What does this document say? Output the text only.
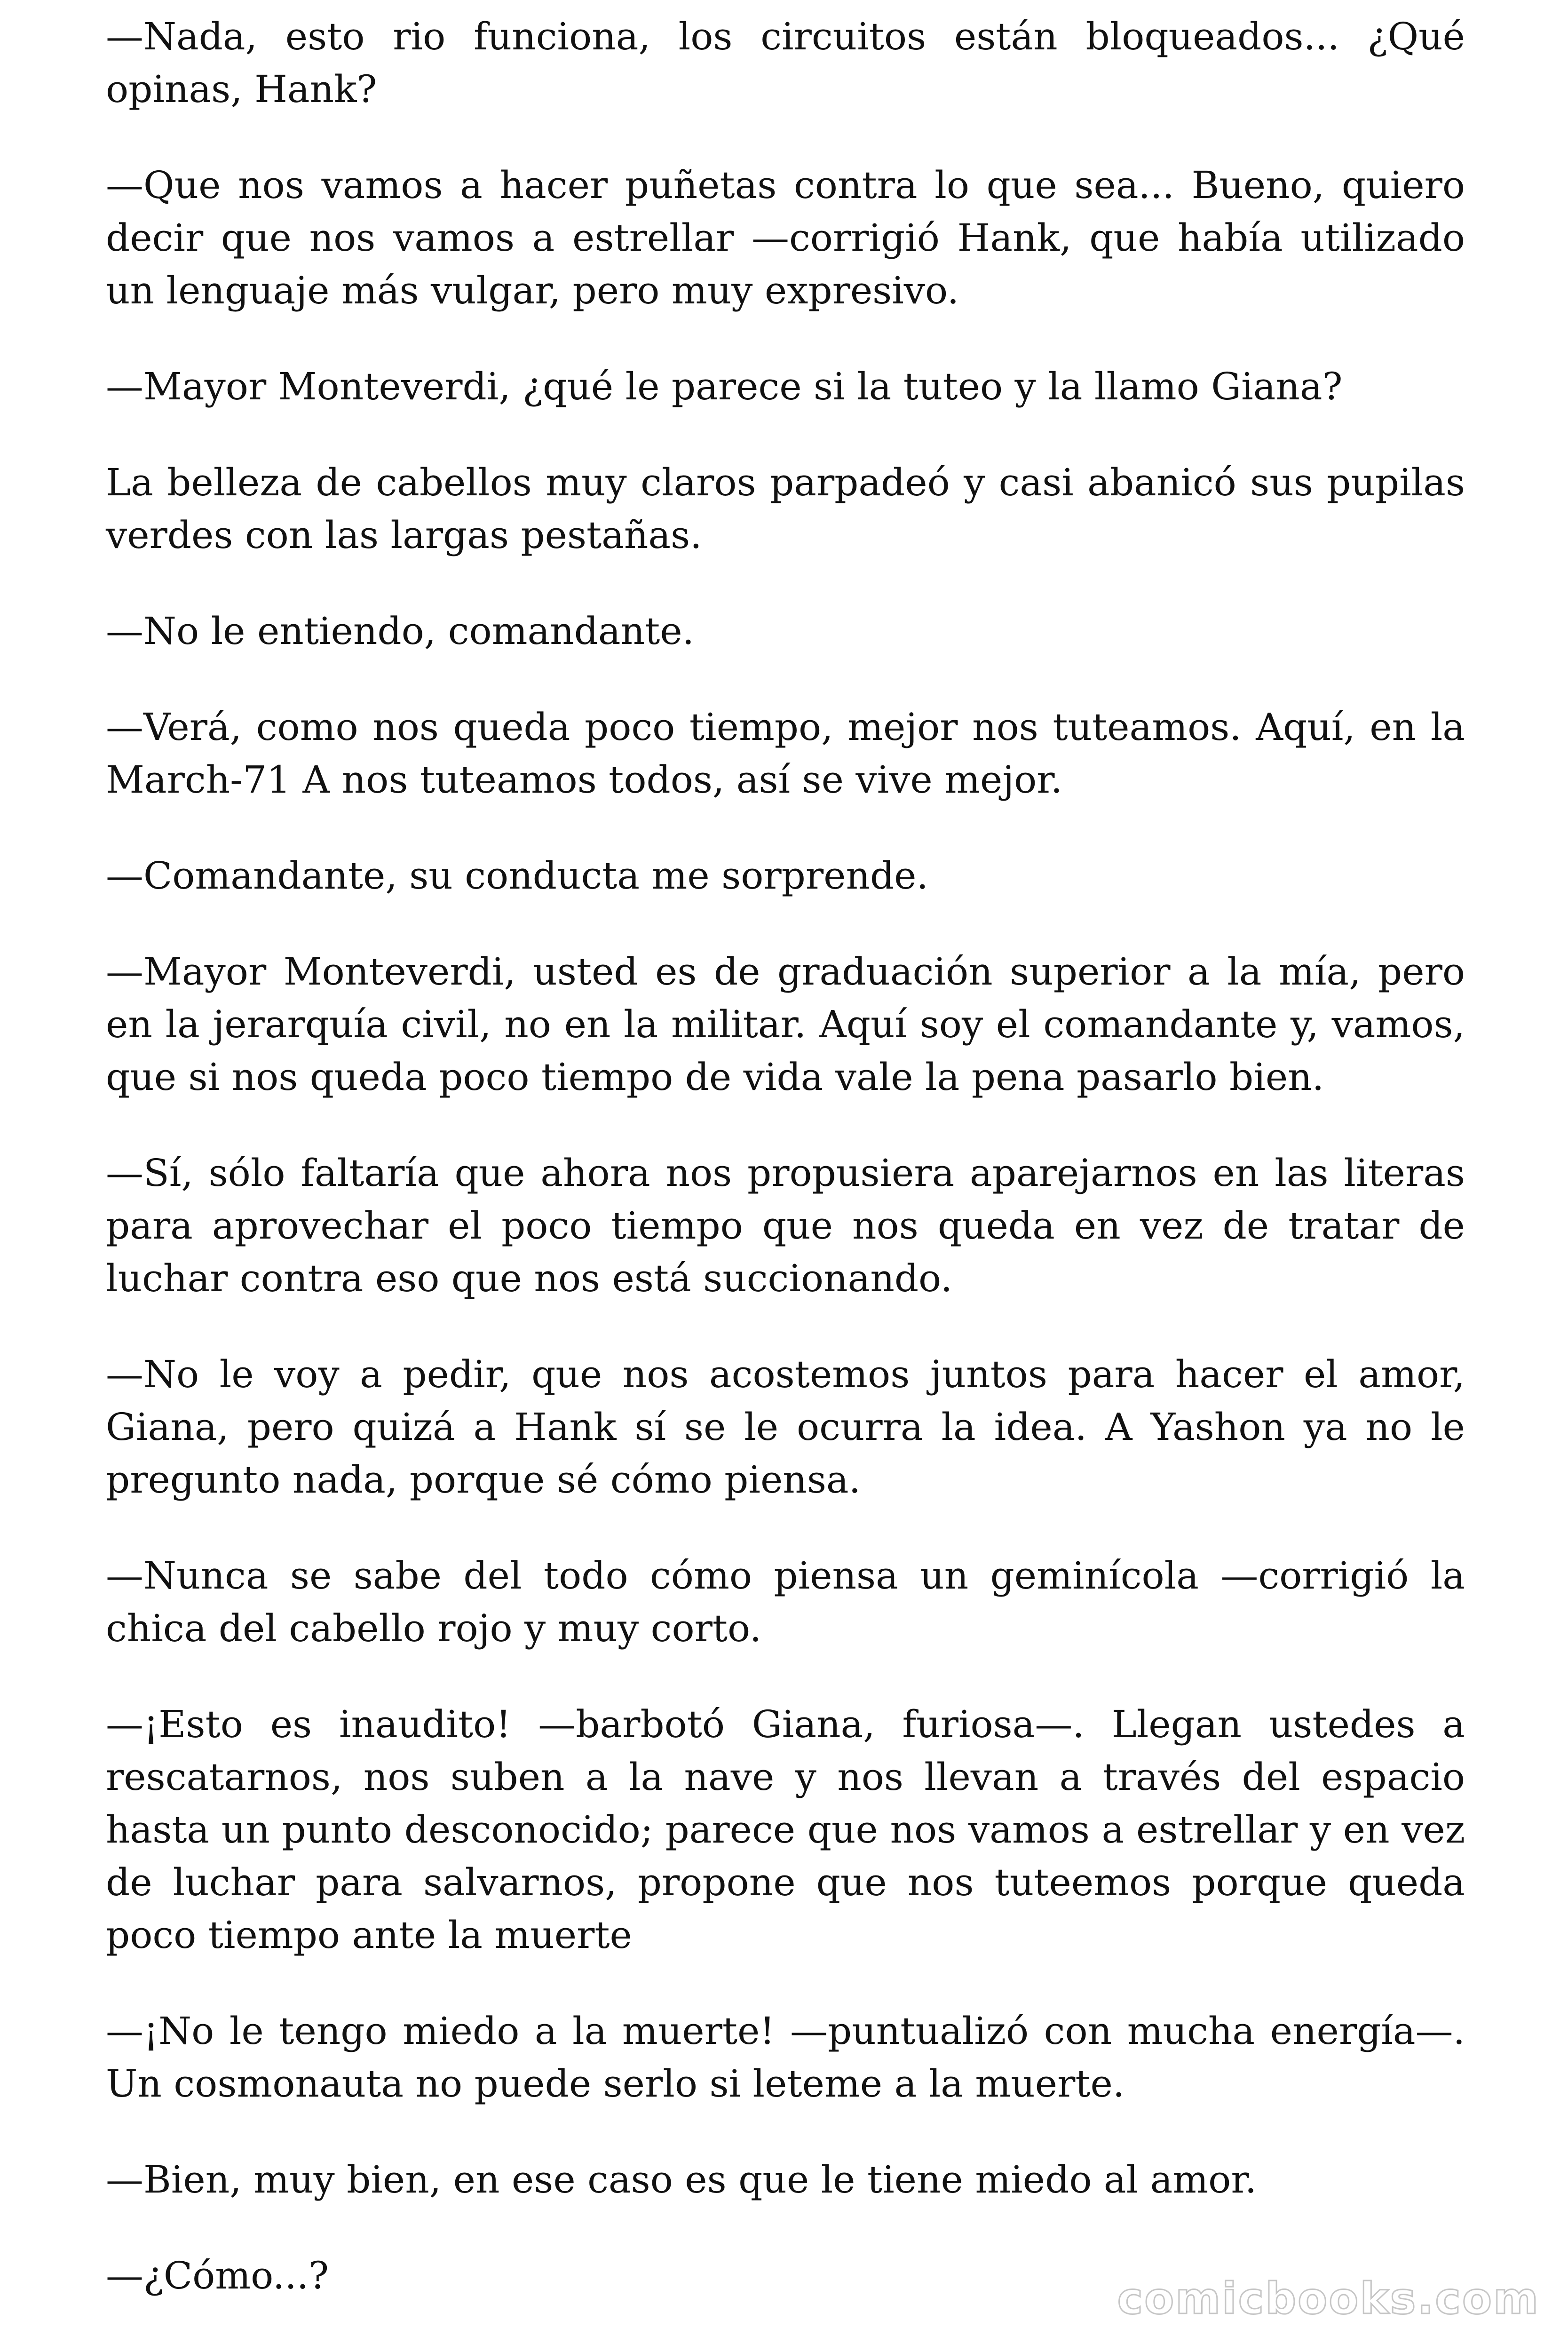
—Nada, esto rio funciona, los circuitos están bloqueados... ¿Qué opinas, Hank?

—Que nos vamos a hacer puñetas contra lo que sea... Bueno, quiero decir que nos vamos a estrellar —corrigió Hank, que había utilizado un lenguaje más vulgar, pero muy expresivo.

—Mayor Monteverdi, ¿qué le parece si la tuteo y la llamo Giana?

La belleza de cabellos muy claros parpadeó y casi abanicó sus pupilas verdes con las largas pestañas.

—No le entiendo, comandante.

—Verá, como nos queda poco tiempo, mejor nos tuteamos. Aquí, en la March-71 A nos tuteamos todos, así se vive mejor.

—Comandante, su conducta me sorprende.

—Mayor Monteverdi, usted es de graduación superior a la mía, pero en la jerarquía civil, no en la militar. Aquí soy el comandante y, vamos, que si nos queda poco tiempo de vida vale la pena pasarlo bien.

—Sí, sólo faltaría que ahora nos propusiera aparejarnos en las literas para aprovechar el poco tiempo que nos queda en vez de tratar de luchar contra eso que nos está succionando.

—No le voy a pedir, que nos acostemos juntos para hacer el amor, Giana, pero quizá a Hank sí se le ocurra la idea. A Yashon ya no le pregunto nada, porque sé cómo piensa.

—Nunca se sabe del todo cómo piensa un geminícola —corrigió la chica del cabello rojo y muy corto.

—¡Esto es inaudito! —barbotó Giana, furiosa—. Llegan ustedes a rescatarnos, nos suben a la nave y nos llevan a través del espacio hasta un punto desconocido; parece que nos vamos a estrellar y en vez de luchar para salvarnos, propone que nos tuteemos porque queda poco tiempo ante la muerte

—¡No le tengo miedo a la muerte! —puntualizó con mucha energía—. Un cosmonauta no puede serlo si leteme a la muerte.

—Bien, muy bien, en ese caso es que le tiene miedo al amor.

—¿Cómo...?	comicbooks.com
